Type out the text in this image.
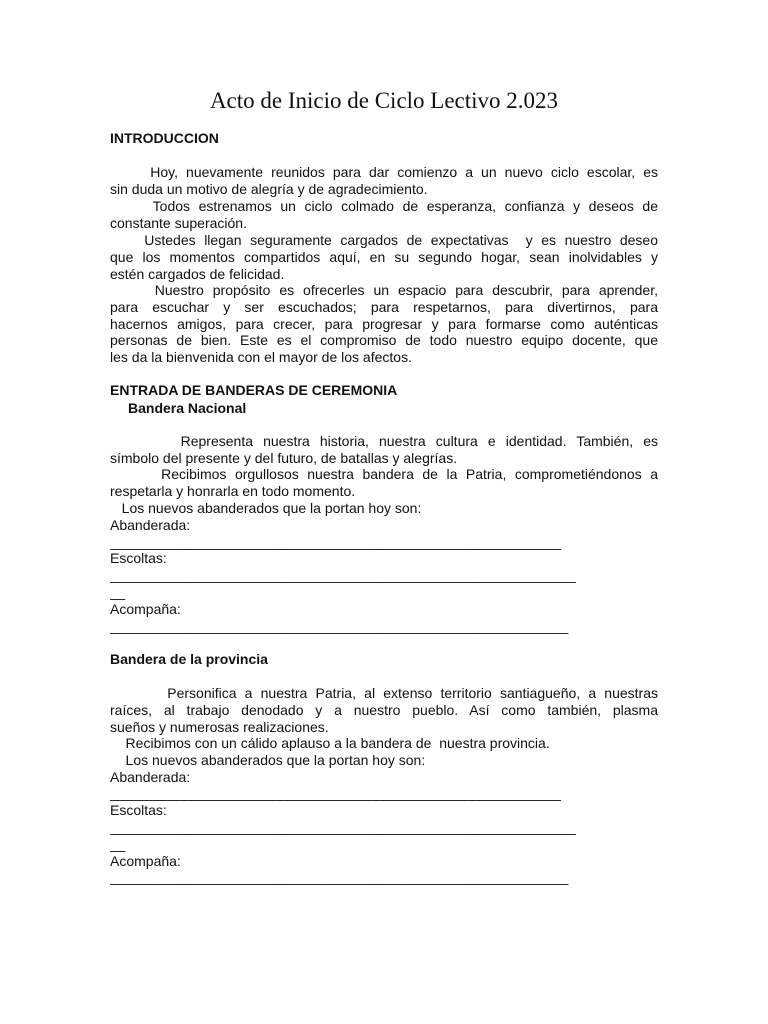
Acto de Inicio de Ciclo Lectivo 2.023
INTRODUCCION
Hoy, nuevamente reunidos para dar comienzo a un nuevo ciclo escolar, es
sin duda un motivo de alegría y de agradecimiento.
Todos estrenamos un ciclo colmado de esperanza, confianza y deseos de
constante superación.
Ustedes llegan seguramente cargados de expectativas  y es nuestro deseo
que los momentos compartidos aquí, en su segundo hogar, sean inolvidables y
estén cargados de felicidad.
Nuestro propósito es ofrecerles un espacio para descubrir, para aprender,
para escuchar y ser escuchados; para respetarnos, para divertirnos, para
hacernos amigos, para crecer, para progresar y para formarse como auténticas
personas de bien. Este es el compromiso de todo nuestro equipo docente, que
les da la bienvenida con el mayor de los afectos.
ENTRADA DE BANDERAS DE CEREMONIA
Bandera Nacional
Representa nuestra historia, nuestra cultura e identidad. También, es
símbolo del presente y del futuro, de batallas y alegrías.
Recibimos orgullosos nuestra bandera de la Patria, comprometiéndonos a
respetarla y honrarla en todo momento.
Los nuevos abanderados que la portan hoy son:
Abanderada:
_____________________________________________________________
Escoltas:
_______________________________________________________________
__
Acompaña:
______________________________________________________________
Bandera de la provincia
Personifica a nuestra Patria, al extenso territorio santiagueño, a nuestras
raíces, al trabajo denodado y a nuestro pueblo. Así como también, plasma
sueños y numerosas realizaciones.
Recibimos con un cálido aplauso a la bandera de  nuestra provincia.
Los nuevos abanderados que la portan hoy son:
Abanderada:
_____________________________________________________________
Escoltas:
_______________________________________________________________
__
Acompaña:
______________________________________________________________
